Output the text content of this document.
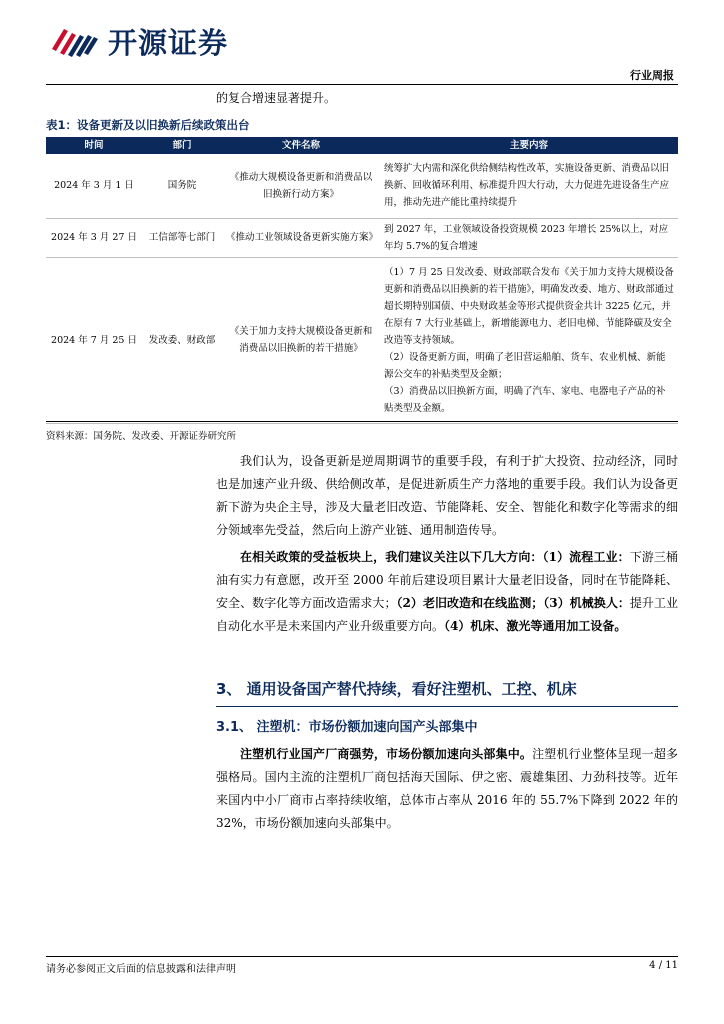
开源证券
行业周报
的复合增速显著提升。
表1：设备更新及以旧换新后续政策出台
时间	部门	文件名称	主要内容
2024 年 3 月 1 日	国务院	《推动大规模设备更新和消费品以旧换新行动方案》	统筹扩大内需和深化供给侧结构性改革，实施设备更新、消费品以旧换新、回收循环利用、标准提升四大行动，大力促进先进设备生产应用，推动先进产能比重持续提升
2024 年 3 月 27 日	工信部等七部门	《推动工业领域设备更新实施方案》	到 2027 年，工业领域设备投资规模 2023 年增长 25%以上，对应年均 5.7%的复合增速
2024 年 7 月 25 日	发改委、财政部	《关于加力支持大规模设备更新和消费品以旧换新的若干措施》	（1）7 月 25 日发改委、财政部联合发布《关于加力支持大规模设备更新和消费品以旧换新的若干措施》，明确发改委、地方、财政部通过超长期特别国债、中央财政基金等形式提供资金共计 3225 亿元，并在原有 7 大行业基础上，新增能源电力、老旧电梯、节能降碳及安全改造等支持领域。
（2）设备更新方面，明确了老旧营运船舶、货车、农业机械、新能源公交车的补贴类型及金额；
（3）消费品以旧换新方面，明确了汽车、家电、电器电子产品的补贴类型及金额。
资料来源：国务院、发改委、开源证券研究所
我们认为，设备更新是逆周期调节的重要手段，有利于扩大投资、拉动经济，同时也是加速产业升级、供给侧改革，是促进新质生产力落地的重要手段。我们认为设备更新下游为央企主导，涉及大量老旧改造、节能降耗、安全、智能化和数字化等需求的细分领域率先受益，然后向上游产业链、通用制造传导。
在相关政策的受益板块上，我们建议关注以下几大方向：（1）流程工业：下游三桶油有实力有意愿，改开至 2000 年前后建设项目累计大量老旧设备，同时在节能降耗、安全、数字化等方面改造需求大；（2）老旧改造和在线监测；（3）机械换人：提升工业自动化水平是未来国内产业升级重要方向。（4）机床、激光等通用加工设备。
3、 通用设备国产替代持续，看好注塑机、工控、机床
3.1、 注塑机：市场份额加速向国产头部集中
注塑机行业国产厂商强势，市场份额加速向头部集中。注塑机行业整体呈现一超多强格局。国内主流的注塑机厂商包括海天国际、伊之密、震雄集团、力劲科技等。近年来国内中小厂商市占率持续收缩，总体市占率从 2016 年的 55.7%下降到 2022 年的 32%，市场份额加速向头部集中。
请务必参阅正文后面的信息披露和法律声明	4 / 11
